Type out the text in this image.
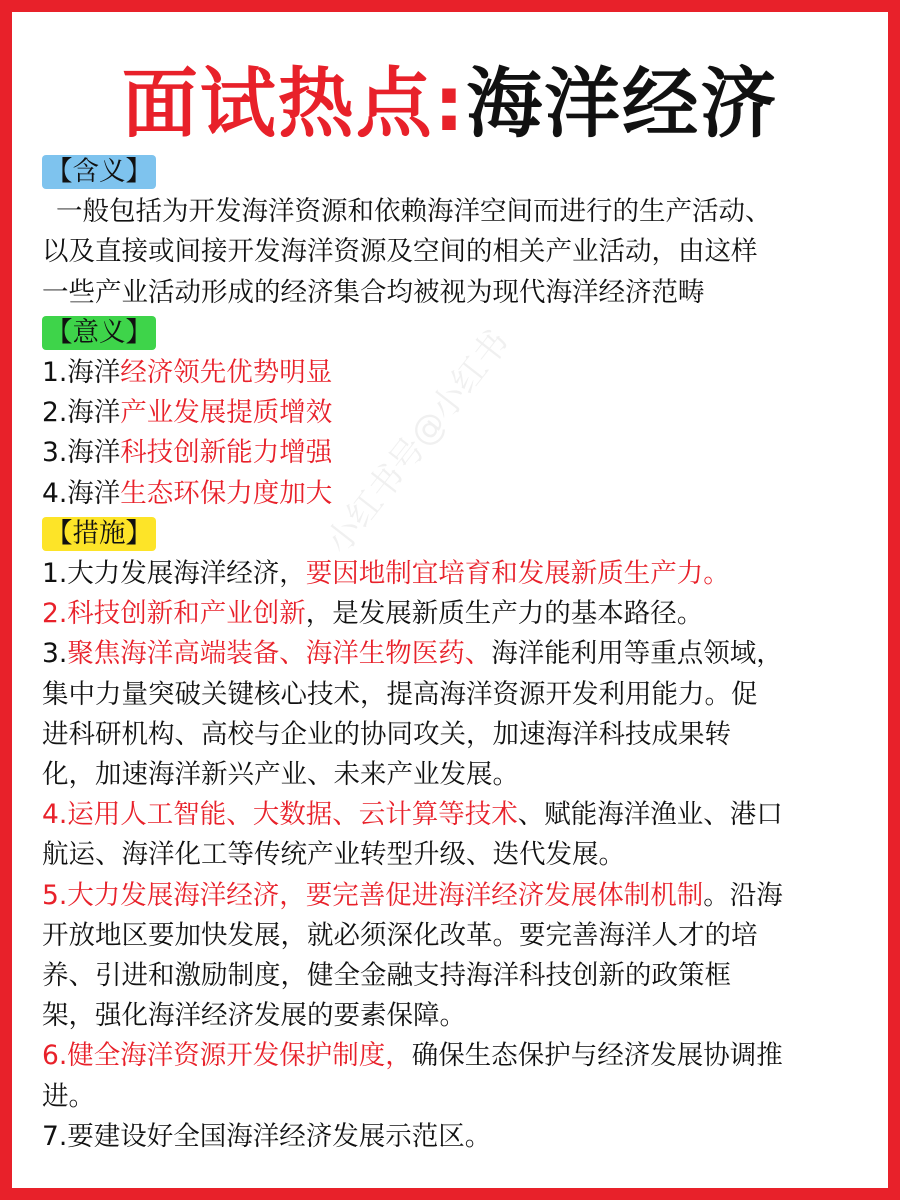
面试热点:海洋经济

【含义】

一般包括为开发海洋资源和依赖海洋空间而进行的生产活动、

以及直接或间接开发海洋资源及空间的相关产业活动，由这样

一些产业活动形成的经济集合均被视为现代海洋经济范畴

【意义】

1.海洋经济领先优势明显

2.海洋产业发展提质增效

3.海洋科技创新能力增强

4.海洋生态环保力度加大

【措施】

1.大力发展海洋经济，要因地制宜培育和发展新质生产力。

2.科技创新和产业创新，是发展新质生产力的基本路径。

3.聚焦海洋高端装备、海洋生物医药、海洋能利用等重点领域，

集中力量突破关键核心技术，提高海洋资源开发利用能力。促

进科研机构、高校与企业的协同攻关，加速海洋科技成果转

化，加速海洋新兴产业、未来产业发展。

4.运用人工智能、大数据、云计算等技术、赋能海洋渔业、港口

航运、海洋化工等传统产业转型升级、迭代发展。

5.大力发展海洋经济，要完善促进海洋经济发展体制机制。沿海

开放地区要加快发展，就必须深化改革。要完善海洋人才的培

养、引进和激励制度，健全金融支持海洋科技创新的政策框

架，强化海洋经济发展的要素保障。

6.健全海洋资源开发保护制度，确保生态保护与经济发展协调推

进。

7.要建设好全国海洋经济发展示范区。

小红书号@小红书
